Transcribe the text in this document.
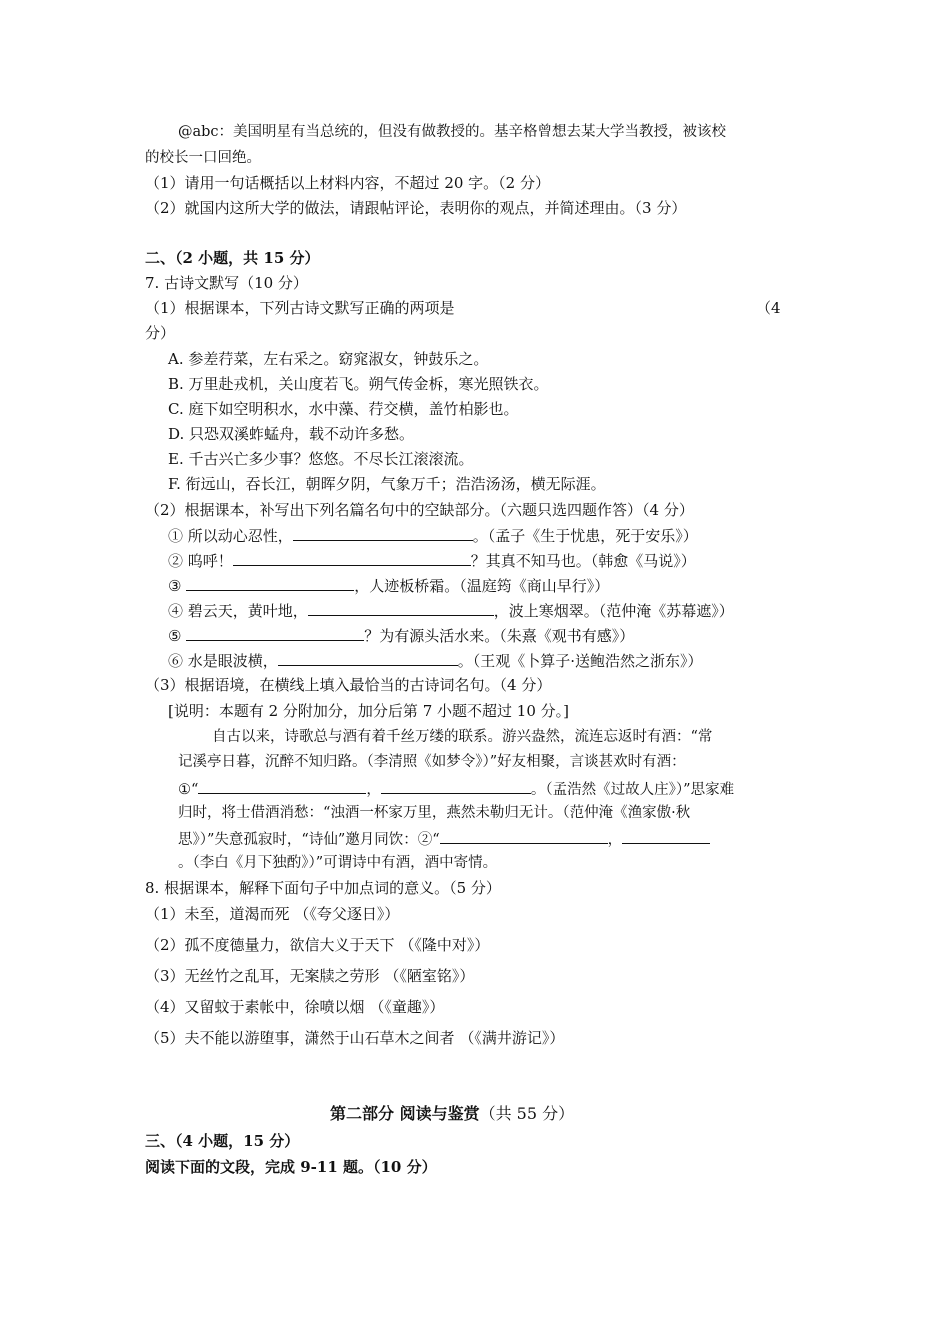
@abc：美国明星有当总统的，但没有做教授的。基辛格曾想去某大学当教授，被该校
的校长一口回绝。
（1）请用一句话概括以上材料内容，不超过 20 字。（2 分）
（2）就国内这所大学的做法，请跟帖评论，表明你的观点，并简述理由。（3 分）
二、（2 小题，共 15 分）
7. 古诗文默写（10 分）
（1）根据课本，下列古诗文默写正确的两项是	（4
分）
A. 参差荇菜，左右采之。窈窕淑女，钟鼓乐之。
B. 万里赴戎机，关山度若飞。朔气传金柝，寒光照铁衣。
C. 庭下如空明积水，水中藻、荇交横，盖竹柏影也。
D. 只恐双溪蚱蜢舟，载不动许多愁。
E. 千古兴亡多少事？悠悠。不尽长江滚滚流。
F. 衔远山，吞长江，朝晖夕阴，气象万千；浩浩汤汤，横无际涯。
（2）根据课本，补写出下列名篇名句中的空缺部分。（六题只选四题作答）（4 分）
① 所以动心忍性，	。（孟子《生于忧患，死于安乐》）
② 呜呼！	？其真不知马也。（韩愈《马说》）
③	，人迹板桥霜。（温庭筠《商山早行》）
④ 碧云天，黄叶地，	，波上寒烟翠。（范仲淹《苏幕遮》）
⑤	？为有源头活水来。（朱熹《观书有感》）
⑥ 水是眼波横，	。（王观《卜算子·送鲍浩然之浙东》）
（3）根据语境，在横线上填入最恰当的古诗词名句。（4 分）
[说明：本题有 2 分附加分，加分后第 7 小题不超过 10 分。]
自古以来，诗歌总与酒有着千丝万缕的联系。游兴盎然，流连忘返时有酒：“常
记溪亭日暮，沉醉不知归路。（李清照《如梦令》）”好友相聚，言谈甚欢时有酒：
①“	，	。（孟浩然《过故人庄》）”思家难
归时，将士借酒消愁：“浊酒一杯家万里，燕然未勒归无计。（范仲淹《渔家傲·秋
思》）”失意孤寂时，“诗仙”邀月同饮：②“	，
。（李白《月下独酌》）”可谓诗中有酒，酒中寄情。
8. 根据课本，解释下面句子中加点词的意义。（5 分）
（1）未至，道渴而死 （《夸父逐日》）
（2）孤不度德量力，欲信大义于天下 （《隆中对》）
（3）无丝竹之乱耳，无案牍之劳形 （《陋室铭》）
（4）又留蚊于素帐中，徐喷以烟 （《童趣》）
（5）夫不能以游堕事，潇然于山石草木之间者 （《满井游记》）
第二部分 阅读与鉴赏（共 55 分）
三、（4 小题，15 分）
阅读下面的文段，完成 9-11 题。（10 分）
